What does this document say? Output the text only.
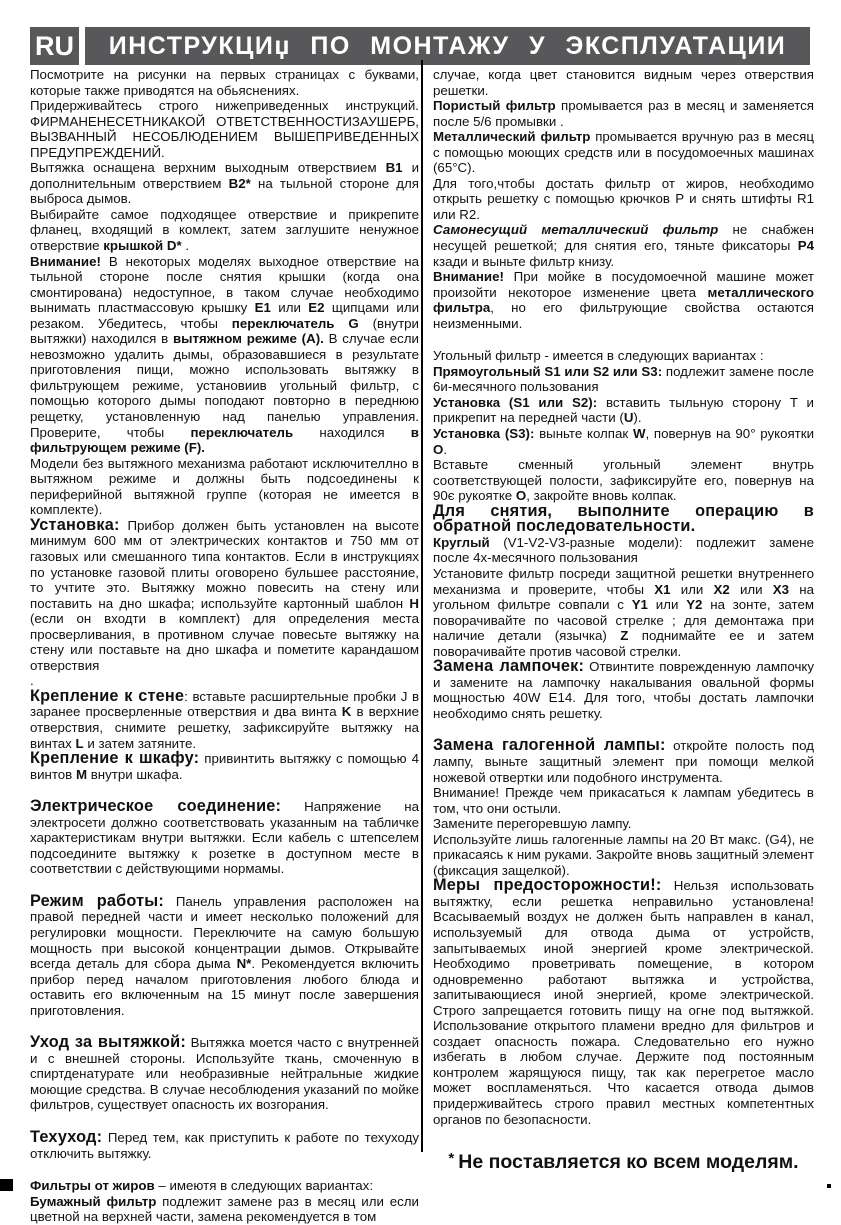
RU ИНСТРУКЦИџ ПО МОНТАЖУ У ЭКСПЛУАТАЦИИ

Посмотрите на рисунки на первых страницах с буквами, которые также приводятся на обьяснениях.

Придерживайтесь строго нижеприведенных инструкций. ФИРМАНЕНЕСЕТНИКАКОЙ ОТВЕТСТВЕННОСТИЗАУШЕРБ, ВЫЗВАННЫЙ НЕСОБЛЮДЕНИЕМ ВЫШЕПРИВЕДЕННЫХ ПРЕДУПРЕЖДЕНИЙ.

Вытяжка оснащена верхним выходным отверствием B1 и дополнительным отверствием B2* на тыльной стороне для выброса дымов.

Выбирайте самое подходящее отверствие и прикрепите фланец, входящий в комлект, затем заглушите ненужное отверствие крышкой D* .

Внимание! В некоторых моделях выходное отверствие на тыльной стороне после снятия крышки (когда она смонтирована) недоступное, в таком случае необходимо вынимать пластмассовую крышку E1 или E2 щипцами или резаком. Убедитесь, чтобы переключатель G (внутри вытяжки) находился в вытяжном режиме (A). В случае если невозможно удалить дымы, образовавшиеся в результате приготовления пищи, можно использовать вытяжку в фильтрующем режиме, установиив угольный фильтр, с помощью которого дымы поподают повторно в переднюю рещетку, установленную над панелью управления. Проверите, чтобы переключатель находился в фильтрующем режиме (F).

Модели без вытяжного механизма работают исключителлно в вытяжном режиме и должны быть подсоединены к периферийной вытяжной группе (которая не имеется в комплекте).

Установка: Прибор должен быть установлен на высоте минимум 600 мм от электрических контактов и 750 мм от газовых или смешанного типа контактов. Если в инструкциях по установке газовой плиты оговорено бульшее расстояние, то учтите это. Вытяжку можно повесить на стену или поставить на дно шкафа; используйте картонный шаблон H (если он входти в комплект) для определения места просверливания, в противном случае повесьте вытяжку на стену или поставьте на дно шкафа и пометите карандашом отверствия

.

Крепление к стене: вставьте расширтельные пробки J в заранее просверленные отверствия и два винта K в верхние отверствия, снимите решетку, зафиксируйте вытяжку на винтах L и затем затяните.

Крепление к шкафу: привинтить вытяжку с помощью 4 винтов M внутри шкафа.

Электрическое соединение: Напряжение на электросети должно соответствовать указанным на табличке характеристикам внутри вытяжки. Если кабель с штепселем подсоедините вытяжку к розетке в доступном месте в соответствии с действующими нормамы.

Режим работы: Панель управления расположен на правой передней части и имеет несколько положений для регулировки мощности. Переключите на самую большую мощность при высокой концентрации дымов. Открывайте всегда деталь для сбора дыма N*. Рекомендуется включить прибор перед началом приготовления любого блюда и оставить его включенным на 15 минут после завершения приготовления.

Уход за вытяжкой: Вытяжка моется часто с внутренней и с внешней стороны. Используйте ткань, смоченную в спиртденатурате или необразивные нейтральные жидкие моющие средства. В случае несоблюдения указаний по мойке фильтров, существует опасность их возгорания.

Техуход: Перед тем, как приступить к работе по техуходу отключить вытяжку.

Фильтры от жиров – имеютя в следующих вариантах:

Бумажный фильтр подлежит замене раз в месяц или если цветной на верхней части, замена рекомендуется в том

случае, когда цвет становится видным через отверствия решетки.

Пористый фильтр промывается раз в месяц и заменяется после 5/6 промывки .

Металлический фильтр промывается вручную раз в месяц с помощью моющих средств или в посудомоечных машинах (65°C).

Для того,чтобы достать фильтр от жиров, необходимо открыть решетку с помощью крючков P и снять штифты R1 или R2.

Самонесущий металлический фильтр не снабжен несущей решеткой; для снятия его, тяньте фиксаторы P4 кзади и выньте фильтр книзу.

Внимание! При мойке в посудомоечной машине может произойти некоторое изменение цвета металлического фильтра, но его фильтрующие свойства остаются неизменными.

Угольный фильтр - имеется в следующих вариантах :

Прямоугольный S1 или S2 или S3: подлежит замене после 6и-месячного пользования

Установка (S1 или S2): вставить тыльную сторону T и прикрепит на передней части (U).

Установка (S3): выньте колпак W, повернув на 90° рукоятки O.

Вставьте сменный угольный элемент внутрь соответствующей полости, зафиксируйте его, повернув на 90є рукоятке O, закройте вновь колпак.

Для снятия, выполните операцию в обратной последовательности.

Круглый (V1-V2-V3-разные модели): подлежит замене после 4х-месячного пользования

Установите фильтр посреди защитной решетки внутреннего механизма и проверите, чтобы X1 или X2 или X3 на угольном фильтре совпали с Y1 или Y2 на зонте, затем поворачивайте по часовой стрелке ; для демонтажа при наличие детали (язычка) Z поднимайте ее и затем поворачивайте против часовой стрелки.

Замена лампочек: Отвинтите поврежденную лампочку и замените на лампочку накалывания овальной формы мощностью 40W E14. Для того, чтобы достать лампочки необходимо снять решетку.

Замена галогенной лампы: откройте полость под лампу, выньте защитный элемент при помощи мелкой ножевой отвертки или подобного инструмента.

Внимание! Прежде чем прикасаться к лампам убедитесь в том, что они остыли.

Замените перегоревшую лампу.

Используйте лишь галогенные лампы на 20 Вт макс. (G4), не прикасаясь к ним руками. Закройте вновь защитный элемент (фиксация защелкой).

Меры предосторожности!: Нельзя использовать вытяжтку, если решетка неправильно установлена! Всасываемый воздух не должен быть направлен в канал, используемый для отвода дыма от устройств, запытываемых иной энергией кроме электрической. Необходимо проветривать помещение, в котором одновременно работают вытяжка и устройства, запитывающиеся иной энергией, кроме электрической. Строго запрещается готовить пищу на огне под вытяжкой. Использование открытого пламени вредно для фильтров и создает опасность пожара. Следовательно его нужно избегать в любом случае. Держите под постоянным контролем жарящуюся пищу, так как перегретое масло может воспламеняться. Что касается отвода дымов придерживайтесь строго правил местных компетентных органов по безопасности.

* Не поставляется ко всем моделям.
